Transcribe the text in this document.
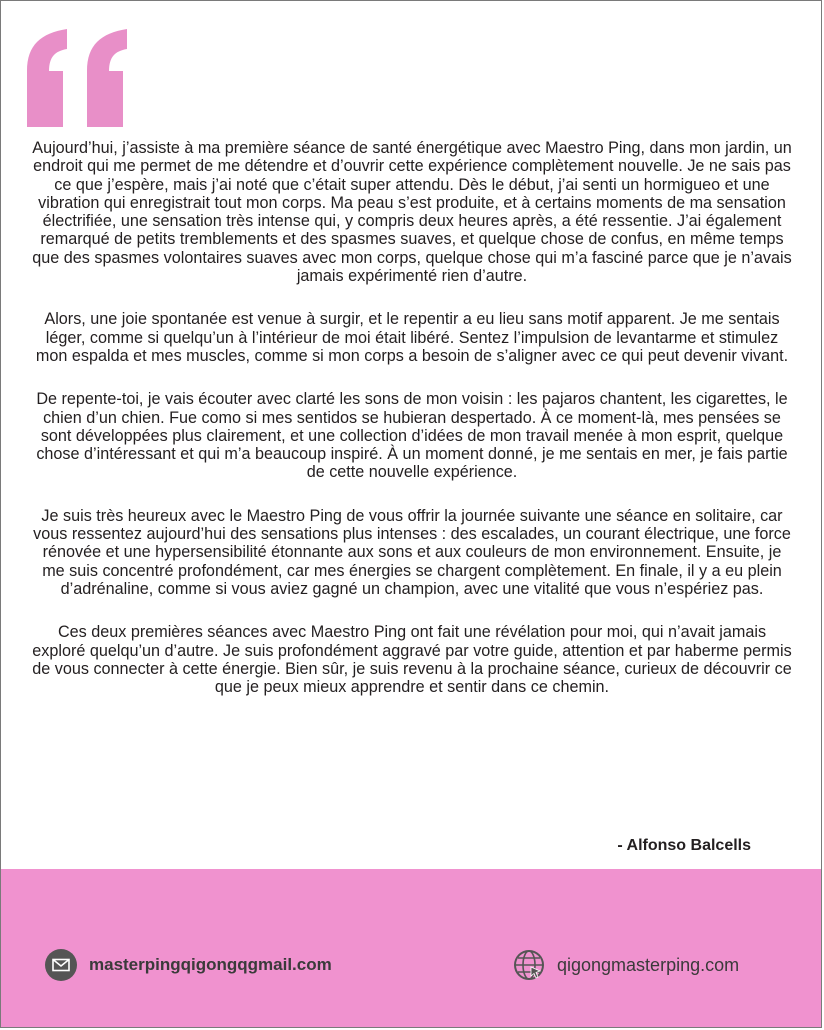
Aujourd’hui, j’assiste à ma première séance de santé énergétique avec Maestro Ping, dans mon jardin, un endroit qui me permet de me détendre et d’ouvrir cette expérience complètement nouvelle. Je ne sais pas ce que j’espère, mais j’ai noté que c’était super attendu. Dès le début, j’ai senti un hormigueo et une vibration qui enregistrait tout mon corps. Ma peau s’est produite, et à certains moments de ma sensation électrifiée, une sensation très intense qui, y compris deux heures après, a été ressentie. J’ai également remarqué de petits tremblements et des spasmes suaves, et quelque chose de confus, en même temps que des spasmes volontaires suaves avec mon corps, quelque chose qui m’a fasciné parce que je n’avais jamais expérimenté rien d’autre.

Alors, une joie spontanée est venue à surgir, et le repentir a eu lieu sans motif apparent. Je me sentais léger, comme si quelqu’un à l’intérieur de moi était libéré. Sentez l’impulsion de levantarme et stimulez mon espalda et mes muscles, comme si mon corps a besoin de s’aligner avec ce qui peut devenir vivant.

De repente-toi, je vais écouter avec clarté les sons de mon voisin : les pajaros chantent, les cigarettes, le chien d’un chien. Fue como si mes sentidos se hubieran despertado. À ce moment-là, mes pensées se sont développées plus clairement, et une collection d’idées de mon travail menée à mon esprit, quelque chose d’intéressant et qui m’a beaucoup inspiré. À un moment donné, je me sentais en mer, je fais partie de cette nouvelle expérience.

Je suis très heureux avec le Maestro Ping de vous offrir la journée suivante une séance en solitaire, car vous ressentez aujourd’hui des sensations plus intenses : des escalades, un courant électrique, une force rénovée et une hypersensibilité étonnante aux sons et aux couleurs de mon environnement. Ensuite, je me suis concentré profondément, car mes énergies se chargent complètement. En finale, il y a eu plein d’adrénaline, comme si vous aviez gagné un champion, avec une vitalité que vous n’espériez pas.

Ces deux premières séances avec Maestro Ping ont fait une révélation pour moi, qui n’avait jamais exploré quelqu’un d’autre. Je suis profondément aggravé par votre guide, attention et par haberme permis de vous connecter à cette énergie. Bien sûr, je suis revenu à la prochaine séance, curieux de découvrir ce que je peux mieux apprendre et sentir dans ce chemin.

- Alfonso Balcells
masterpingqigongqgmail.com	qigongmasterping.com
